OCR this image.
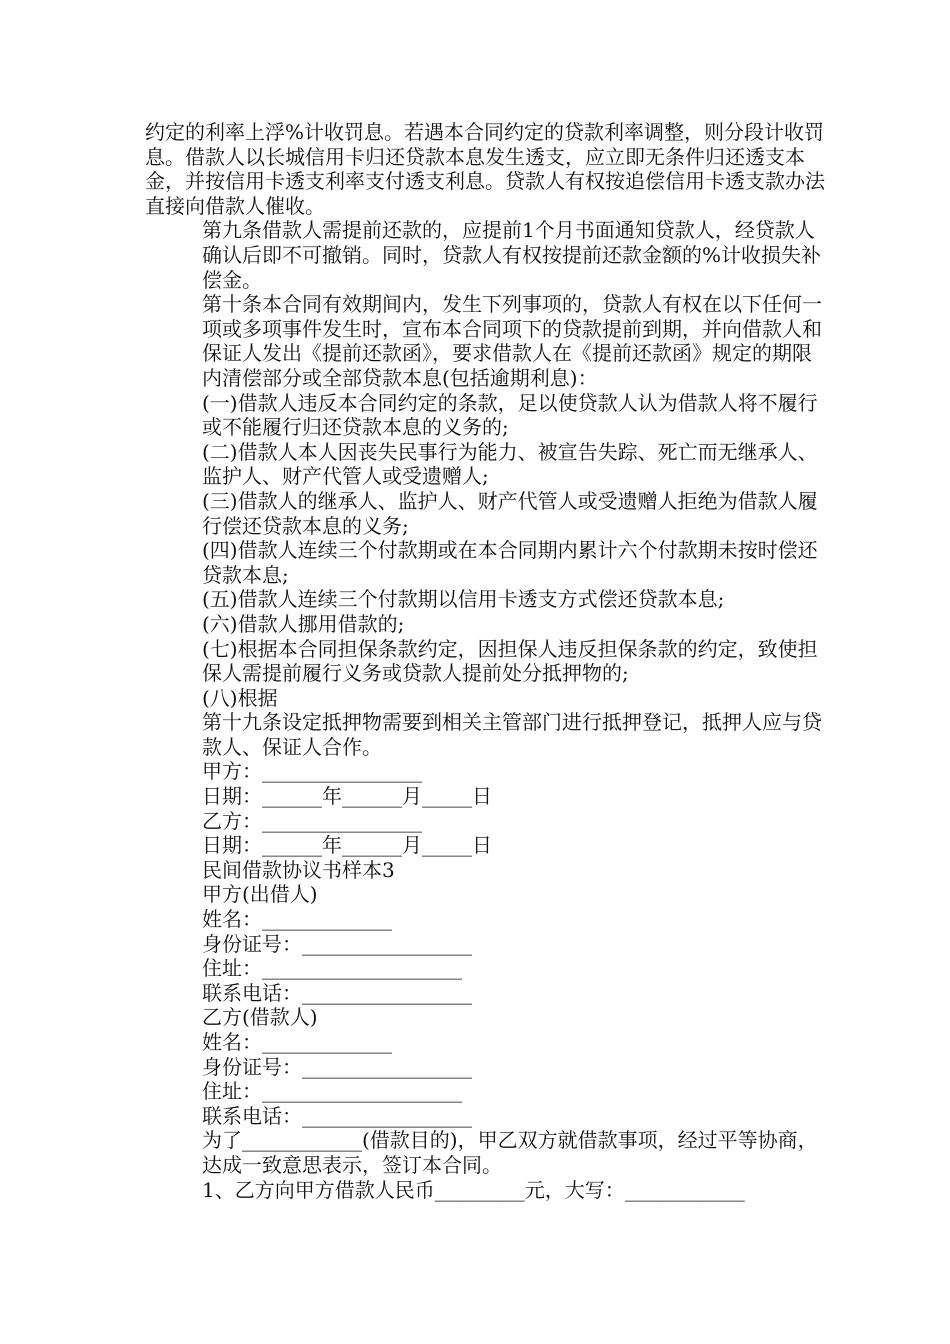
约定的利率上浮%计收罚息。若遇本合同约定的贷款利率调整，则分段计收罚息。借款人以长城信用卡归还贷款本息发生透支，应立即无条件归还透支本金，并按信用卡透支利率支付透支利息。贷款人有权按追偿信用卡透支款办法直接向借款人催收。

第九条借款人需提前还款的，应提前1个月书面通知贷款人，经贷款人确认后即不可撤销。同时，贷款人有权按提前还款金额的%计收损失补偿金。

第十条本合同有效期间内，发生下列事项的，贷款人有权在以下任何一项或多项事件发生时，宣布本合同项下的贷款提前到期，并向借款人和保证人发出《提前还款函》，要求借款人在《提前还款函》规定的期限内清偿部分或全部贷款本息(包括逾期利息)：

(一)借款人违反本合同约定的条款，足以使贷款人认为借款人将不履行或不能履行归还贷款本息的义务的;

(二)借款人本人因丧失民事行为能力、被宣告失踪、死亡而无继承人、监护人、财产代管人或受遗赠人;

(三)借款人的继承人、监护人、财产代管人或受遗赠人拒绝为借款人履行偿还贷款本息的义务;

(四)借款人连续三个付款期或在本合同期内累计六个付款期未按时偿还贷款本息;

(五)借款人连续三个付款期以信用卡透支方式偿还贷款本息;

(六)借款人挪用借款的;

(七)根据本合同担保条款约定，因担保人违反担保条款的约定，致使担保人需提前履行义务或贷款人提前处分抵押物的;

(八)根据

第十九条设定抵押物需要到相关主管部门进行抵押登记，抵押人应与贷款人、保证人合作。

甲方：________________

日期：______年______月_____日

乙方：________________

日期：______年______月_____日

民间借款协议书样本3

甲方(出借人)

姓名：_____________

身份证号：_________________

住址：____________________

联系电话：_________________

乙方(借款人)

姓名：_____________

身份证号：_________________

住址：____________________

联系电话：_________________

为了____________(借款目的)，甲乙双方就借款事项，经过平等协商，达成一致意思表示，签订本合同。

1、乙方向甲方借款人民币_________元，大写：____________
